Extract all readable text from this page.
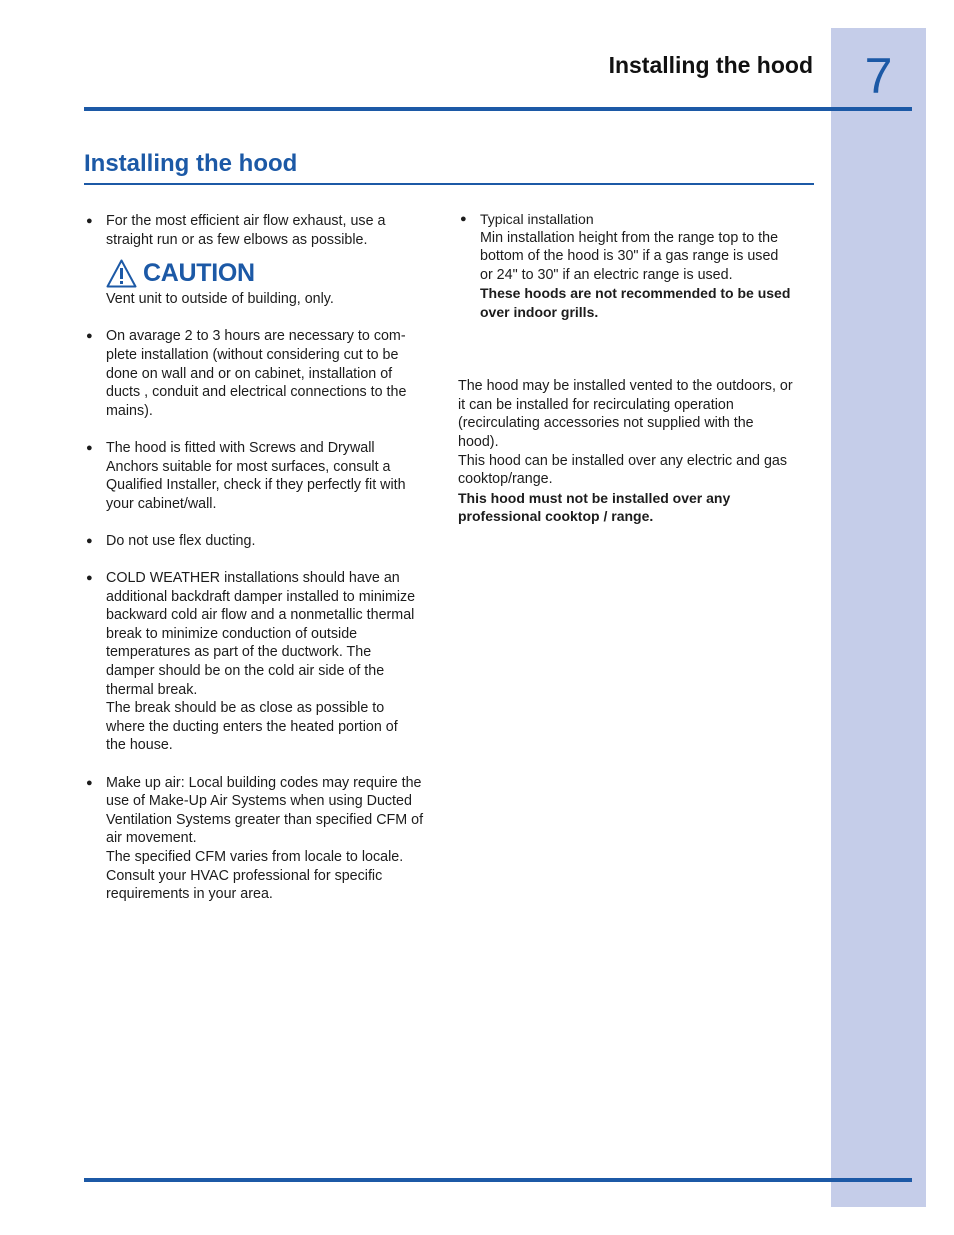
Installing the hood	7
Installing the hood
● For the most efficient air flow exhaust, use a
straight run or as few elbows as possible.
CAUTION
Vent unit to outside of building, only.
● On avarage 2 to 3 hours are necessary to com-
plete installation (without considering cut to be
done on wall and or on cabinet, installation of
ducts , conduit and electrical connections to the
mains).
● The hood is fitted with Screws and Drywall
Anchors suitable for most surfaces, consult a
Qualified Installer, check if they perfectly fit with
your cabinet/wall.
● Do not use flex ducting.
● COLD WEATHER installations should have an
additional backdraft damper installed to minimize
backward cold air flow and a nonmetallic thermal
break to minimize conduction of outside
temperatures as part of the ductwork. The
damper should be on the cold air side of the
thermal break.
The break should be as close as possible to
where the ducting enters the heated portion of
the house.
● Make up air: Local building codes may require the
use of Make-Up Air Systems when using Ducted
Ventilation Systems greater than specified CFM of
air movement.
The specified CFM varies from locale to locale.
Consult your HVAC professional for specific
requirements in your area.
● Typical installation
Min installation height from the range top to the
bottom of the hood is 30" if a gas range is used
or 24" to 30" if an electric range is used.
These hoods are not recommended to be used
over indoor grills.
The hood may be installed vented to the outdoors, or
it can be installed for recirculating operation
(recirculating accessories not supplied with the
hood).
This hood can be installed over any electric and gas
cooktop/range.
This hood must not be installed over any
professional cooktop / range.
